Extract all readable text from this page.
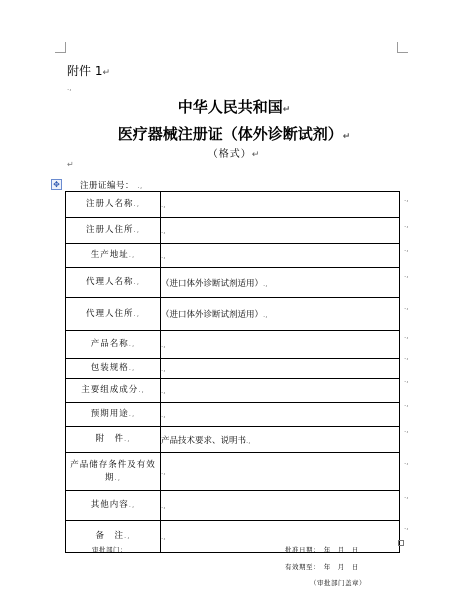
附件 1↵
.,
中华人民共和国↵
医疗器械注册证（体外诊断试剂）↵
（格式）↵
↵
✥ 注册证编号： .,
注册人名称.,	.,
注册人住所.,	.,
生产地址.,	.,
代理人名称.,	（进口体外诊断试剂适用）.,
代理人住所.,	（进口体外诊断试剂适用）.,
产品名称.,	.,
包装规格.,	.,
主要组成成分.,	.,
预期用途.,	.,
附　件.,	产品技术要求、说明书.,
产品储存条件及有效期.,	.,
其他内容.,	.,
备　注.,	.,
.,
.,
.,
.,
.,
.,
.,
.,
.,
.,
.,
.,
.,
审批部门：	批准日期：　年　月　日
有效期至：　年　月　日
（审批部门盖章）
